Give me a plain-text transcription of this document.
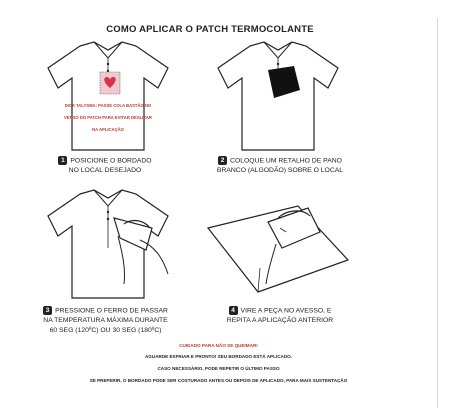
COMO APLICAR O PATCH TERMOCOLANTE
DICA TALYSMA: PASSE COLA BASTÃO NO
VERSO DO PATCH PARA EVITAR DESLIZAR
NA APLICAÇÃO
1 POSICIONE O BORDADO
NO LOCAL DESEJADO
2 COLOQUE UM RETALHO DE PANO
BRANCO (ALGODÃO) SOBRE O LOCAL
3 PRESSIONE O FERRO DE PASSAR
NA TEMPERATURA MÁXIMA DURANTE
60 SEG (120ºC) OU 30 SEG (180ºC)
4 VIRE A PEÇA NO AVESSO, E
REPITA A APLICAÇÃO ANTERIOR
CUIDADO PARA NÃO SE QUEIMAR!
AGUARDE ESFRIAR E PRONTO! SEU BORDADO ESTÁ APLICADO.
CASO NECESSÁRIO, PODE REPETIR O ÚLTIMO PASSO
SE PREFERIR, O BORDADO PODE SER COSTURADO ANTES OU DEPOIS DE APLICADO, PARA MAIS SUSTENTAÇÃO
